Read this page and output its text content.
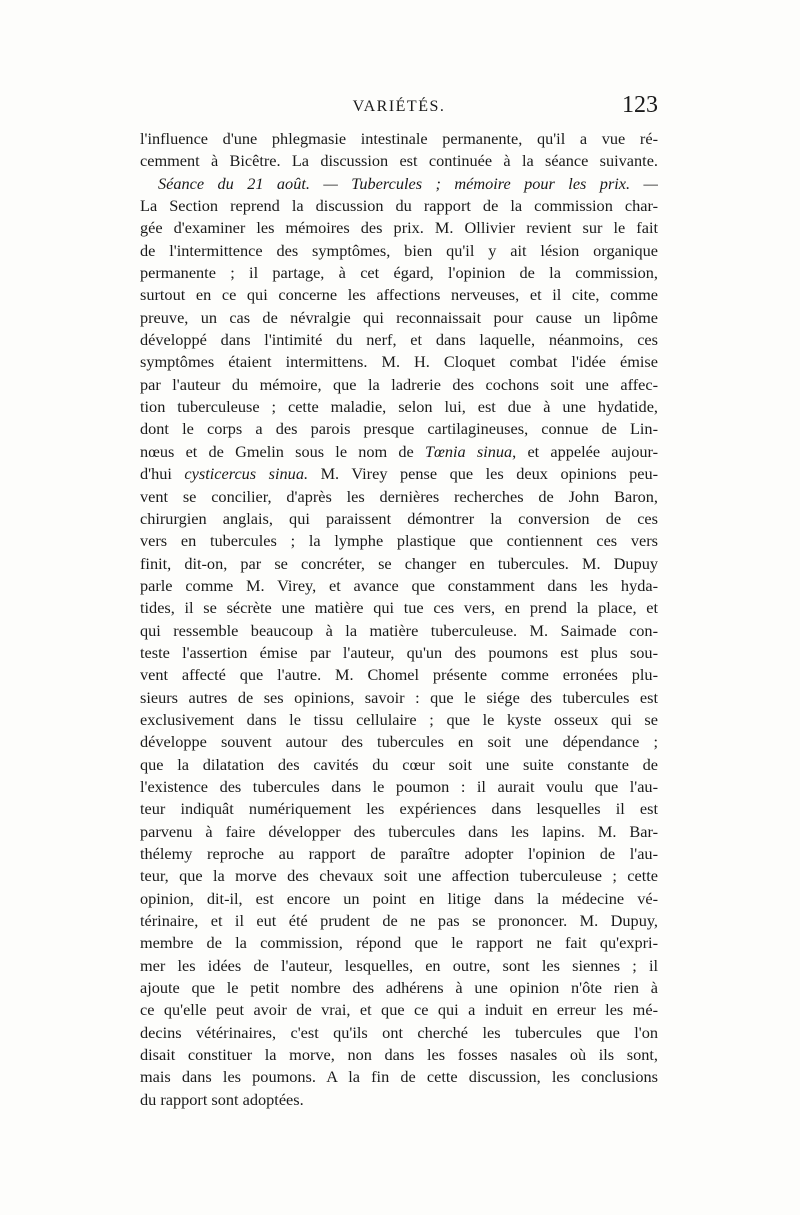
VARIÉTÉS.	123
l'influence d'une phlegmasie intestinale permanente, qu'il a vue ré-
cemment à Bicêtre. La discussion est continuée à la séance suivante.
Séance du 21 août. — Tubercules ; mémoire pour les prix. —
La Section reprend la discussion du rapport de la commission char-
gée d'examiner les mémoires des prix. M. Ollivier revient sur le fait
de l'intermittence des symptômes, bien qu'il y ait lésion organique
permanente ; il partage, à cet égard, l'opinion de la commission,
surtout en ce qui concerne les affections nerveuses, et il cite, comme
preuve, un cas de névralgie qui reconnaissait pour cause un lipôme
développé dans l'intimité du nerf, et dans laquelle, néanmoins, ces
symptômes étaient intermittens. M. H. Cloquet combat l'idée émise
par l'auteur du mémoire, que la ladrerie des cochons soit une affec-
tion tuberculeuse ; cette maladie, selon lui, est due à une hydatide,
dont le corps a des parois presque cartilagineuses, connue de Lin-
nœus et de Gmelin sous le nom de Tœnia sinua, et appelée aujour-
d'hui cysticercus sinua. M. Virey pense que les deux opinions peu-
vent se concilier, d'après les dernières recherches de John Baron,
chirurgien anglais, qui paraissent démontrer la conversion de ces
vers en tubercules ; la lymphe plastique que contiennent ces vers
finit, dit-on, par se concréter, se changer en tubercules. M. Dupuy
parle comme M. Virey, et avance que constamment dans les hyda-
tides, il se sécrète une matière qui tue ces vers, en prend la place, et
qui ressemble beaucoup à la matière tuberculeuse. M. Saimade con-
teste l'assertion émise par l'auteur, qu'un des poumons est plus sou-
vent affecté que l'autre. M. Chomel présente comme erronées plu-
sieurs autres de ses opinions, savoir : que le siége des tubercules est
exclusivement dans le tissu cellulaire ; que le kyste osseux qui se
développe souvent autour des tubercules en soit une dépendance ;
que la dilatation des cavités du cœur soit une suite constante de
l'existence des tubercules dans le poumon : il aurait voulu que l'au-
teur indiquât numériquement les expériences dans lesquelles il est
parvenu à faire développer des tubercules dans les lapins. M. Bar-
thélemy reproche au rapport de paraître adopter l'opinion de l'au-
teur, que la morve des chevaux soit une affection tuberculeuse ; cette
opinion, dit-il, est encore un point en litige dans la médecine vé-
térinaire, et il eut été prudent de ne pas se prononcer. M. Dupuy,
membre de la commission, répond que le rapport ne fait qu'expri-
mer les idées de l'auteur, lesquelles, en outre, sont les siennes ; il
ajoute que le petit nombre des adhérens à une opinion n'ôte rien à
ce qu'elle peut avoir de vrai, et que ce qui a induit en erreur les mé-
decins vétérinaires, c'est qu'ils ont cherché les tubercules que l'on
disait constituer la morve, non dans les fosses nasales où ils sont,
mais dans les poumons. A la fin de cette discussion, les conclusions
du rapport sont adoptées.
